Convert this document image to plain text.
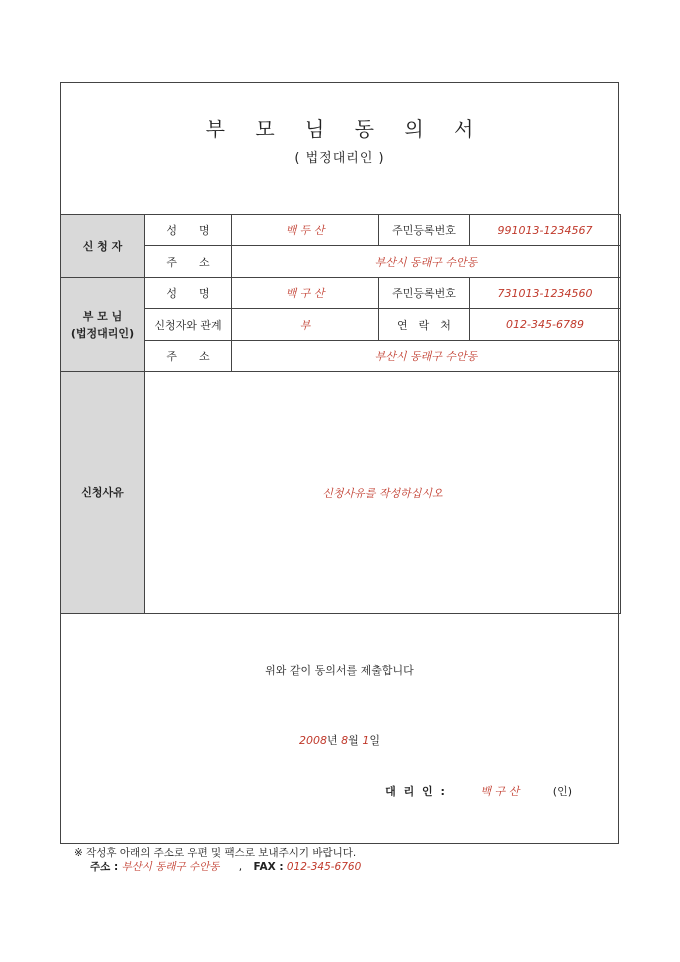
부 모 님 동 의 서
( 법정대리인 )
신 청 자	성　　명	백 두 산	주민등록번호	991013-1234567
	주　　소	부산시 동래구 수안동		

부 모 님
(법정대리인)	성　　명	백 구 산	주민등록번호	731013-1234560
	신청자와 관계	부	연　락　처	012-345-6789
	주　　소	부산시 동래구 수안동		
신청사유	신청사유를 작성하십시오			
위와 같이 동의서를 제출합니다
2008년 8월 1일
대 리 인 :	백 구 산	(인)
※ 작성후 아래의 주소로 우편 및 팩스로 보내주시기 바랍니다.
주소 : 부산시 동래구 수안동 , FAX : 012-345-6760
